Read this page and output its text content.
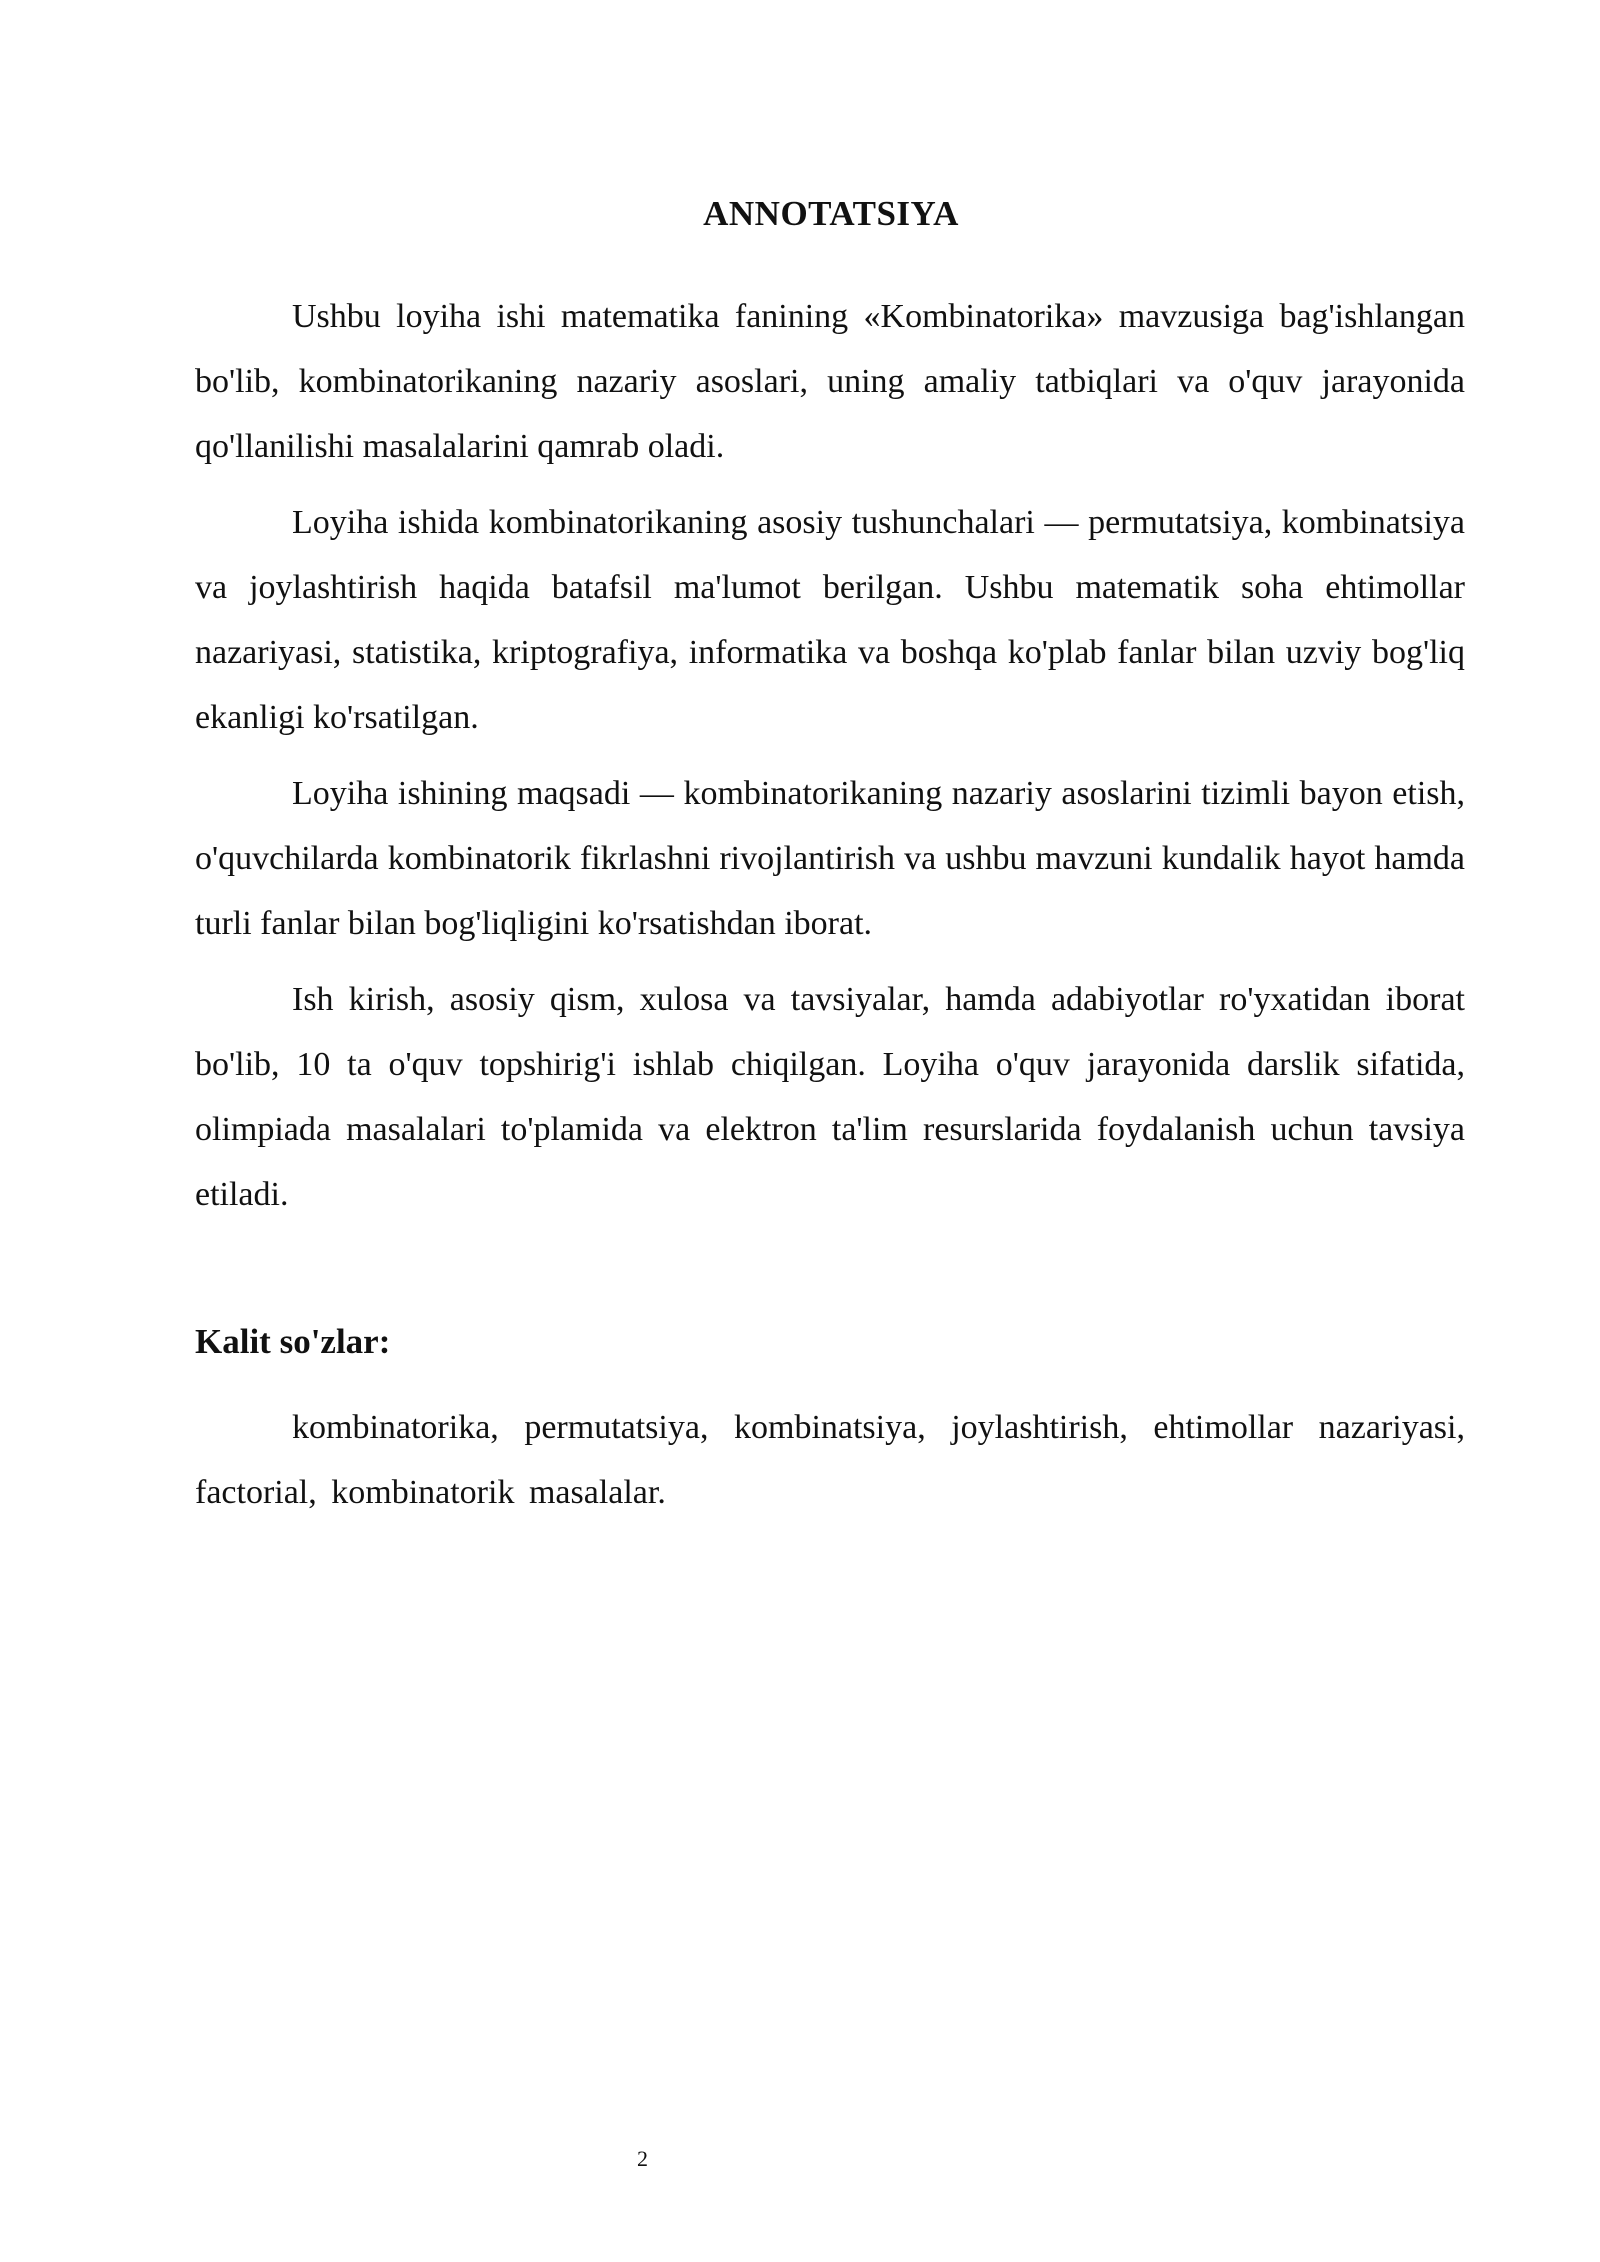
ANNOTATSIYA

Ushbu loyiha ishi matematika fanining «Kombinatorika» mavzusiga bag'ishlangan bo'lib, kombinatorikaning nazariy asoslari, uning amaliy tatbiqlari va o'quv jarayonida qo'llanilishi masalalarini qamrab oladi.

Loyiha ishida kombinatorikaning asosiy tushunchalari — permutatsiya, kombinatsiya va joylashtirish haqida batafsil ma'lumot berilgan. Ushbu matematik soha ehtimollar nazariyasi, statistika, kriptografiya, informatika va boshqa ko'plab fanlar bilan uzviy bog'liq ekanligi ko'rsatilgan.

Loyiha ishining maqsadi — kombinatorikaning nazariy asoslarini tizimli bayon etish, o'quvchilarda kombinatorik fikrlashni rivojlantirish va ushbu mavzuni kundalik hayot hamda turli fanlar bilan bog'liqligini ko'rsatishdan iborat.

Ish kirish, asosiy qism, xulosa va tavsiyalar, hamda adabiyotlar ro'yxatidan iborat bo'lib, 10 ta o'quv topshirig'i ishlab chiqilgan. Loyiha o'quv jarayonida darslik sifatida, olimpiada masalalari to'plamida va elektron ta'lim resurslarida foydalanish uchun tavsiya etiladi.

Kalit so'zlar:

kombinatorika, permutatsiya, kombinatsiya, joylashtirish, ehtimollar nazariyasi, factorial, kombinatorik masalalar.

2
